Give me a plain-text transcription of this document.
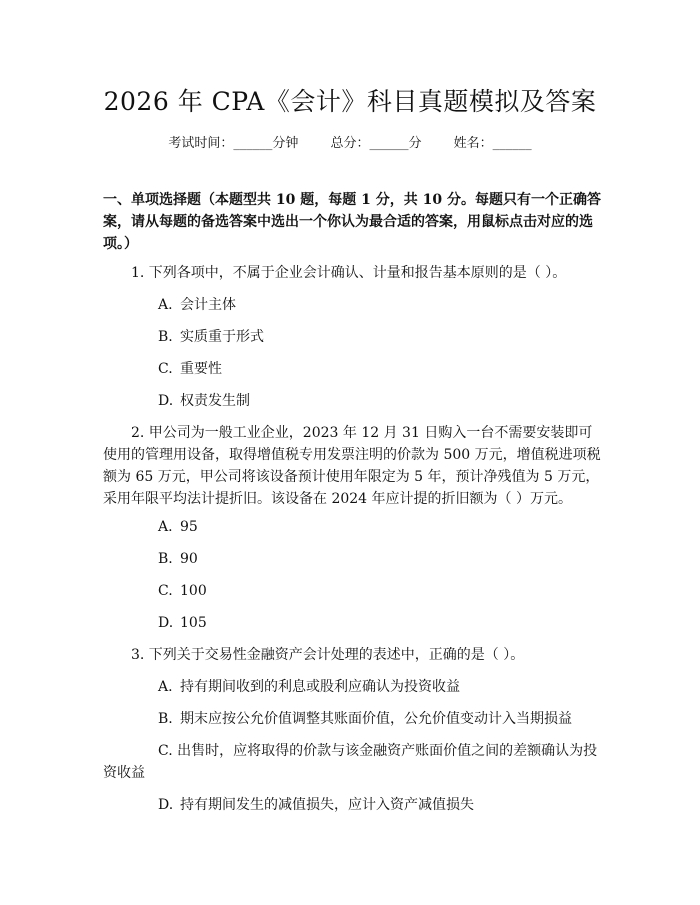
2026 年 CPA《会计》科目真题模拟及答案
考试时间：______分钟 总分：______分 姓名：______
一、单项选择题（本题型共 10 题，每题 1 分，共 10 分。每题只有一个正确答案，请从每题的备选答案中选出一个你认为最合适的答案，用鼠标点击对应的选项。）
1. 下列各项中，不属于企业会计确认、计量和报告基本原则的是（ ）。
A. 会计主体
B. 实质重于形式
C. 重要性
D. 权责发生制
2. 甲公司为一般工业企业，2023 年 12 月 31 日购入一台不需要安装即可使用的管理用设备，取得增值税专用发票注明的价款为 500 万元，增值税进项税额为 65 万元，甲公司将该设备预计使用年限定为 5 年，预计净残值为 5 万元，采用年限平均法计提折旧。该设备在 2024 年应计提的折旧额为（ ）万元。
A. 95
B. 90
C. 100
D. 105
3. 下列关于交易性金融资产会计处理的表述中，正确的是（ ）。
A. 持有期间收到的利息或股利应确认为投资收益
B. 期末应按公允价值调整其账面价值，公允价值变动计入当期损益
C. 出售时，应将取得的价款与该金融资产账面价值之间的差额确认为投资收益
D. 持有期间发生的减值损失，应计入资产减值损失
